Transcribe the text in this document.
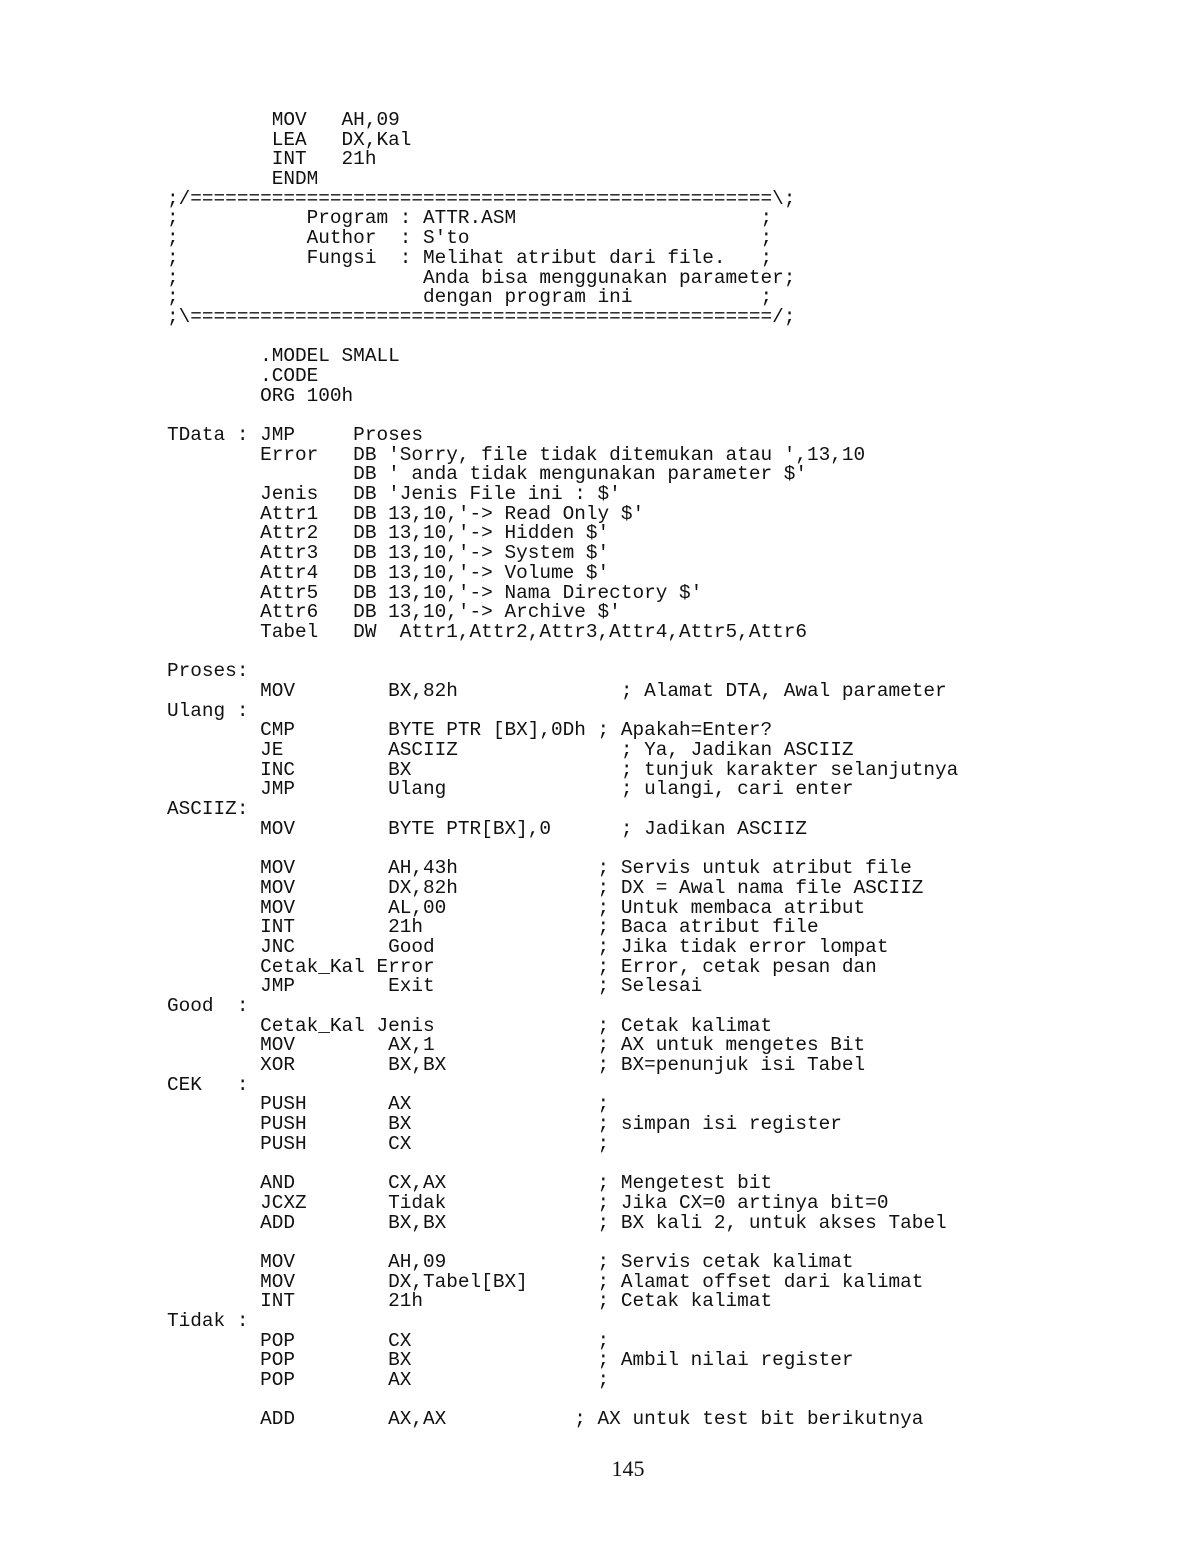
MOV   AH,09
LEA   DX,Kal
INT   21h
ENDM
;/==================================================\;
;           Program : ATTR.ASM                     ;
;           Author  : S'to                         ;
;           Fungsi  : Melihat atribut dari file.   ;
;                     Anda bisa menggunakan parameter;
;                     dengan program ini           ;
;\==================================================/;
.MODEL SMALL
.CODE
ORG 100h
TData : JMP     Proses
Error   DB 'Sorry, file tidak ditemukan atau ',13,10
DB ' anda tidak mengunakan parameter $'
Jenis   DB 'Jenis File ini : $'
Attr1   DB 13,10,'-> Read Only $'
Attr2   DB 13,10,'-> Hidden $'
Attr3   DB 13,10,'-> System $'
Attr4   DB 13,10,'-> Volume $'
Attr5   DB 13,10,'-> Nama Directory $'
Attr6   DB 13,10,'-> Archive $'
Tabel   DW  Attr1,Attr2,Attr3,Attr4,Attr5,Attr6
Proses:
MOV        BX,82h              ; Alamat DTA, Awal parameter
Ulang :
CMP        BYTE PTR [BX],0Dh ; Apakah=Enter?
JE         ASCIIZ              ; Ya, Jadikan ASCIIZ
INC        BX                  ; tunjuk karakter selanjutnya
JMP        Ulang               ; ulangi, cari enter
ASCIIZ:
MOV        BYTE PTR[BX],0      ; Jadikan ASCIIZ
MOV        AH,43h            ; Servis untuk atribut file
MOV        DX,82h            ; DX = Awal nama file ASCIIZ
MOV        AL,00             ; Untuk membaca atribut
INT        21h               ; Baca atribut file
JNC        Good              ; Jika tidak error lompat
Cetak_Kal Error              ; Error, cetak pesan dan
JMP        Exit              ; Selesai
Good  :
Cetak_Kal Jenis              ; Cetak kalimat
MOV        AX,1              ; AX untuk mengetes Bit
XOR        BX,BX             ; BX=penunjuk isi Tabel
CEK   :
PUSH       AX                ;
PUSH       BX                ; simpan isi register
PUSH       CX                ;
AND        CX,AX             ; Mengetest bit
JCXZ       Tidak             ; Jika CX=0 artinya bit=0
ADD        BX,BX             ; BX kali 2, untuk akses Tabel
MOV        AH,09             ; Servis cetak kalimat
MOV        DX,Tabel[BX]      ; Alamat offset dari kalimat
INT        21h               ; Cetak kalimat
Tidak :
POP        CX                ;
POP        BX                ; Ambil nilai register
POP        AX                ;
ADD        AX,AX           ; AX untuk test bit berikutnya
145
